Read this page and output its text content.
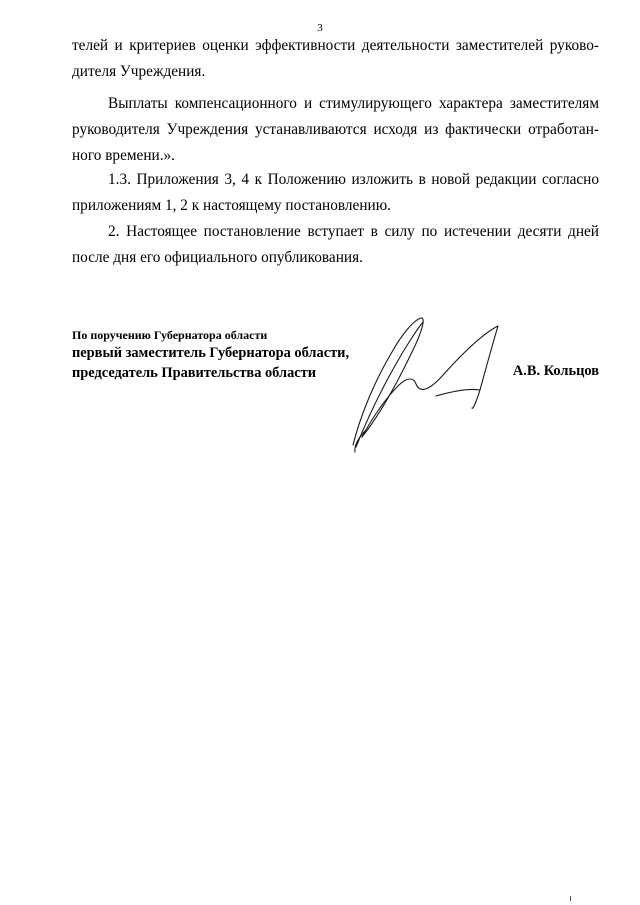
3

телей и критериев оценки эффективности деятельности заместителей руково-
дителя Учреждения.

Выплаты компенсационного и стимулирующего характера заместителям
руководителя Учреждения устанавливаются исходя из фактически отработан-
ного времени.».

1.3. Приложения 3, 4 к Положению изложить в новой редакции согласно
приложениям 1, 2 к настоящему постановлению.

2. Настоящее постановление вступает в силу по истечении десяти дней
после дня его официального опубликования.

По поручению Губернатора области
первый заместитель Губернатора области,
председатель Правительства области	А.В. Кольцов
